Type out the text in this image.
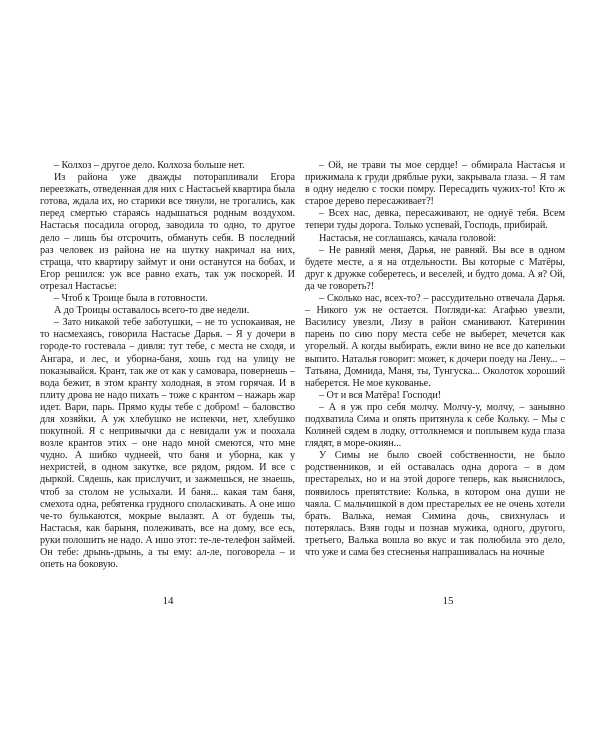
– Колхоз – другое дело. Колхоза больше нет.

Из района уже дважды поторапливали Егора переезжать, отведенная для них с Настасьей квартира была готова, ждала их, но старики все тянули, не трогались, как перед смертью стараясь надышаться родным воздухом. Настасья посадила огород, заводила то одно, то другое дело – лишь бы отсрочить, обмануть себя. В последний раз человек из района не на шутку накричал на них, страща, что квартиру займут и они останутся на бобах, и Егор решился: уж все равно ехать, так уж поскорей. И отрезал Настасье:

– Чтоб к Троице была в готовности.

А до Троицы оставалось всего-то две недели.

– Зато никакой тебе заботушки, – не то успокаивая, не то насмехаясь, говорила Настасье Дарья. – Я у дочери в городе-то гостевала – дивля: тут тебе, с места не сходя, и Ангара, и лес, и уборна-баня, хошь год на улицу не показывайся. Крант, так же от как у самовара, повернешь – вода бежит, в этом кранту холодная, в этом горячая. И в плиту дрова не надо пихать – тоже с крантом – нажарь жар идет. Вари, парь. Прямо куды тебе с добром! – баловство для хозяйки. А уж хлебушко не испекчи, нет, хлебушко покупной. Я с непривычки да с невидали уж и поохала возле крантов этих – оне надо мной смеются, что мне чудно. А шибко чуднеей, что баня и уборна, как у нехристей, в одном закутке, все рядом, рядом. И все с дыркой. Сядешь, как прислучит, и зажмешься, не знаешь, чтоб за столом не услыхали. И баня... какая там баня, смехота одна, ребятенка грудного споласкивать. А оне ишо че-то булькаются, мокрые вылазят. А от будешь ты, Настасья, как барыня, полеживать, все на дому, все есь, руки полошить не надо. А ишо этот: те-ле-телефон займей. Он тебе: дрынь-дрынь, а ты ему: ал-ле, поговорела – и опеть на боковую.

14

– Ой, не трави ты мое сердце! – обмирала Настасья и прижимала к груди дряблые руки, закрывала глаза. – Я там в одну неделю с тоски помру. Пересадить чужих-то! Кто ж старое дерево пересаживает?!

– Всех нас, девка, пересаживают, не однуё тебя. Всем тепери туды дорога. Только успевай, Господь, прибирай.

Настасья, не соглашаясь, качала головой:

– Не равняй меня, Дарья, не равняй. Вы все в одном будете месте, а я на отдельности. Вы которые с Матёры, друг к дружке соберетесь, и веселей, и будто дома. А я? Ой, да че говореть?!

– Сколько нас, всех-то? – рассудительно отвечала Дарья. – Никого уж не остается. Погляди-ка: Агафью увезли, Василису увезли, Лизу в район сманивают. Катеринин парень по сию пору места себе не выберет, мечется как угорелый. А когды выбирать, ежли вино не все до капельки выпито. Наталья говорит: может, к дочери поеду на Лену... – Татьяна, Домнида, Маня, ты, Тунгуска... Околоток хороший наберется. Не мое кукованье.

– От и вся Матёра! Господи!

– А я уж про себя молчу. Молчу-у, молчу, – занывно подхватила Сима и опять притянула к себе Кольку. – Мы с Коляней сядем в лодку, оттолкнемся и поплывем куда глаза глядят, в море-окиян...

У Симы не было своей собственности, не было родственников, и ей оставалась одна дорога – в дом престарелых, но и на этой дороге теперь, как выяснилось, появилось препятствие: Колька, в котором она души не чаяла. С мальчишкой в дом престарелых ее не очень хотели брать. Валька, немая Симина дочь, свихнулась и потерялась. Взяв годы и познав мужика, одного, другого, третьего, Валька вошла во вкус и так полюбила это дело, что уже и сама без стесненья напрашивалась на ночные

15
